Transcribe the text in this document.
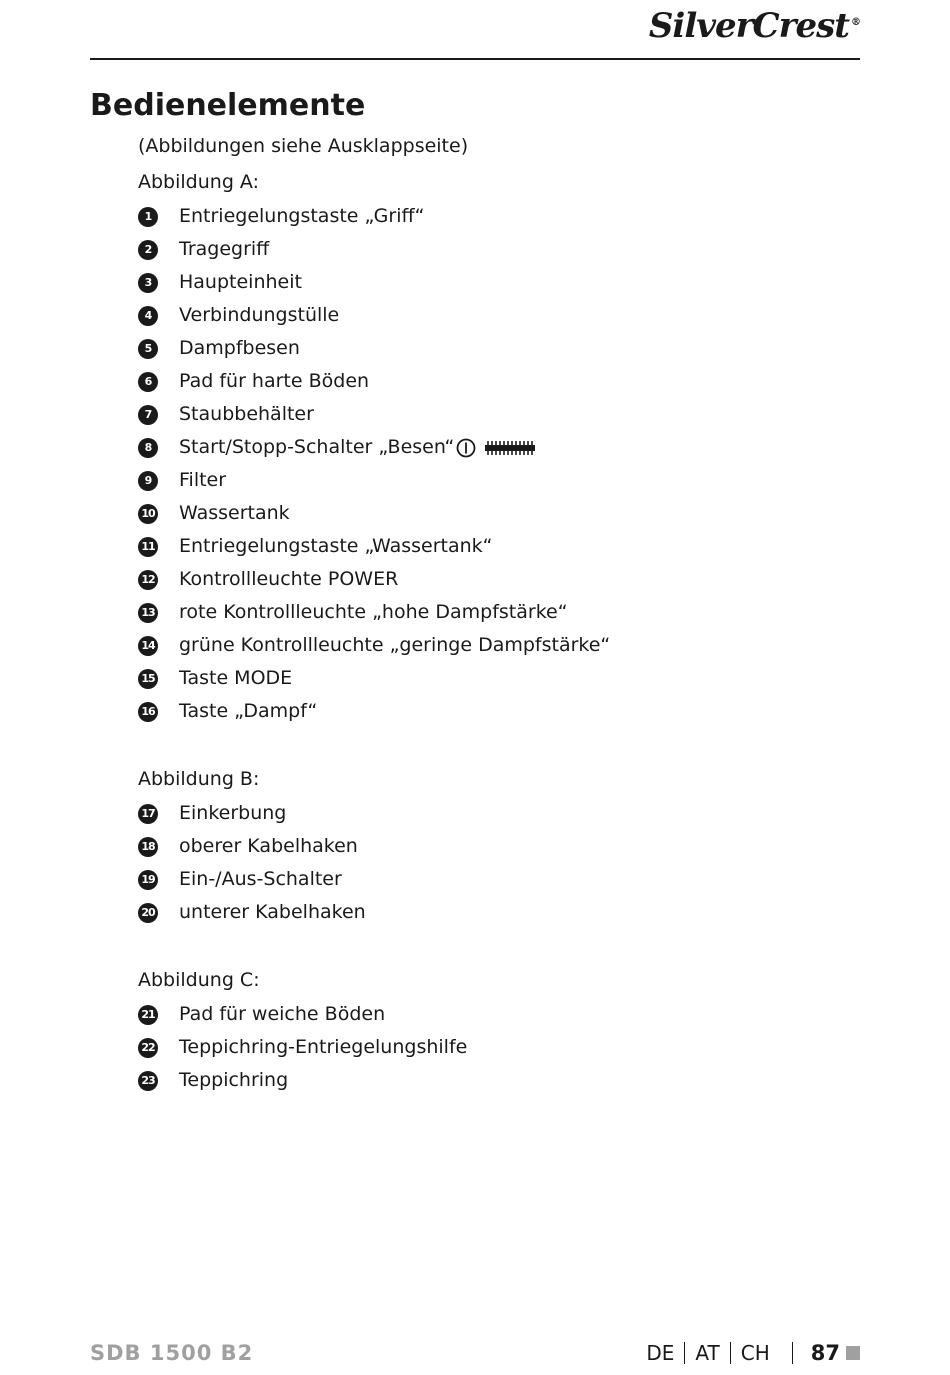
SilverCrest ®
Bedienelemente
(Abbildungen siehe Ausklappseite)
Abbildung A:
1	Entriegelungstaste „Griff“
2	Tragegriff
3	Haupteinheit
4	Verbindungstülle
5	Dampfbesen
6	Pad für harte Böden
7	Staubbehälter
8	Start/Stopp-Schalter „Besen“
9	Filter
10 Wassertank
11 Entriegelungstaste „Wassertank“
12 Kontrollleuchte POWER
13 rote Kontrollleuchte „hohe Dampfstärke“
14 grüne Kontrollleuchte „geringe Dampfstärke“
15 Taste MODE
16 Taste „Dampf“
Abbildung B:
17 Einkerbung
18 oberer Kabelhaken
19 Ein-/Aus-Schalter
20 unterer Kabelhaken
Abbildung C:
21 Pad für weiche Böden
22 Teppichring-Entriegelungshilfe
23 Teppichring
SDB 1500 B2	DE AT CH 87
